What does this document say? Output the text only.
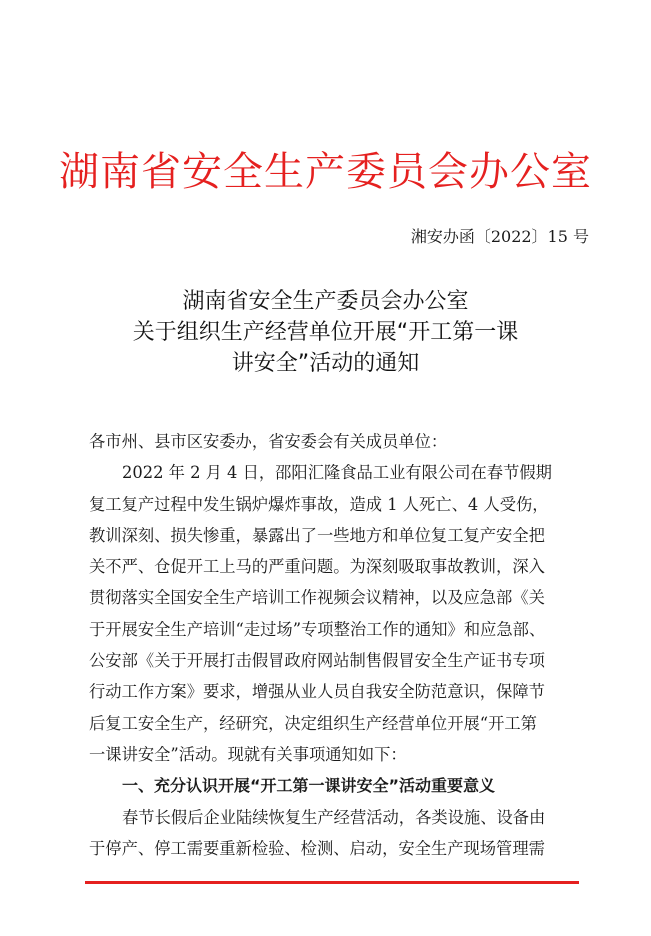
湖南省安全生产委员会办公室
湘安办函〔2022〕15 号
湖南省安全生产委员会办公室
关于组织生产经营单位开展“开工第一课
讲安全”活动的通知
各市州、县市区安委办，省安委会有关成员单位：
2022 年 2 月 4 日，邵阳汇隆食品工业有限公司在春节假期
复工复产过程中发生锅炉爆炸事故，造成 1 人死亡、4 人受伤，
教训深刻、损失惨重，暴露出了一些地方和单位复工复产安全把
关不严、仓促开工上马的严重问题。为深刻吸取事故教训，深入
贯彻落实全国安全生产培训工作视频会议精神，以及应急部《关
于开展安全生产培训“走过场”专项整治工作的通知》和应急部、
公安部《关于开展打击假冒政府网站制售假冒安全生产证书专项
行动工作方案》要求，增强从业人员自我安全防范意识，保障节
后复工安全生产，经研究，决定组织生产经营单位开展“开工第
一课讲安全”活动。现就有关事项通知如下：
一、充分认识开展“开工第一课讲安全”活动重要意义
春节长假后企业陆续恢复生产经营活动，各类设施、设备由
于停产、停工需要重新检验、检测、启动，安全生产现场管理需
